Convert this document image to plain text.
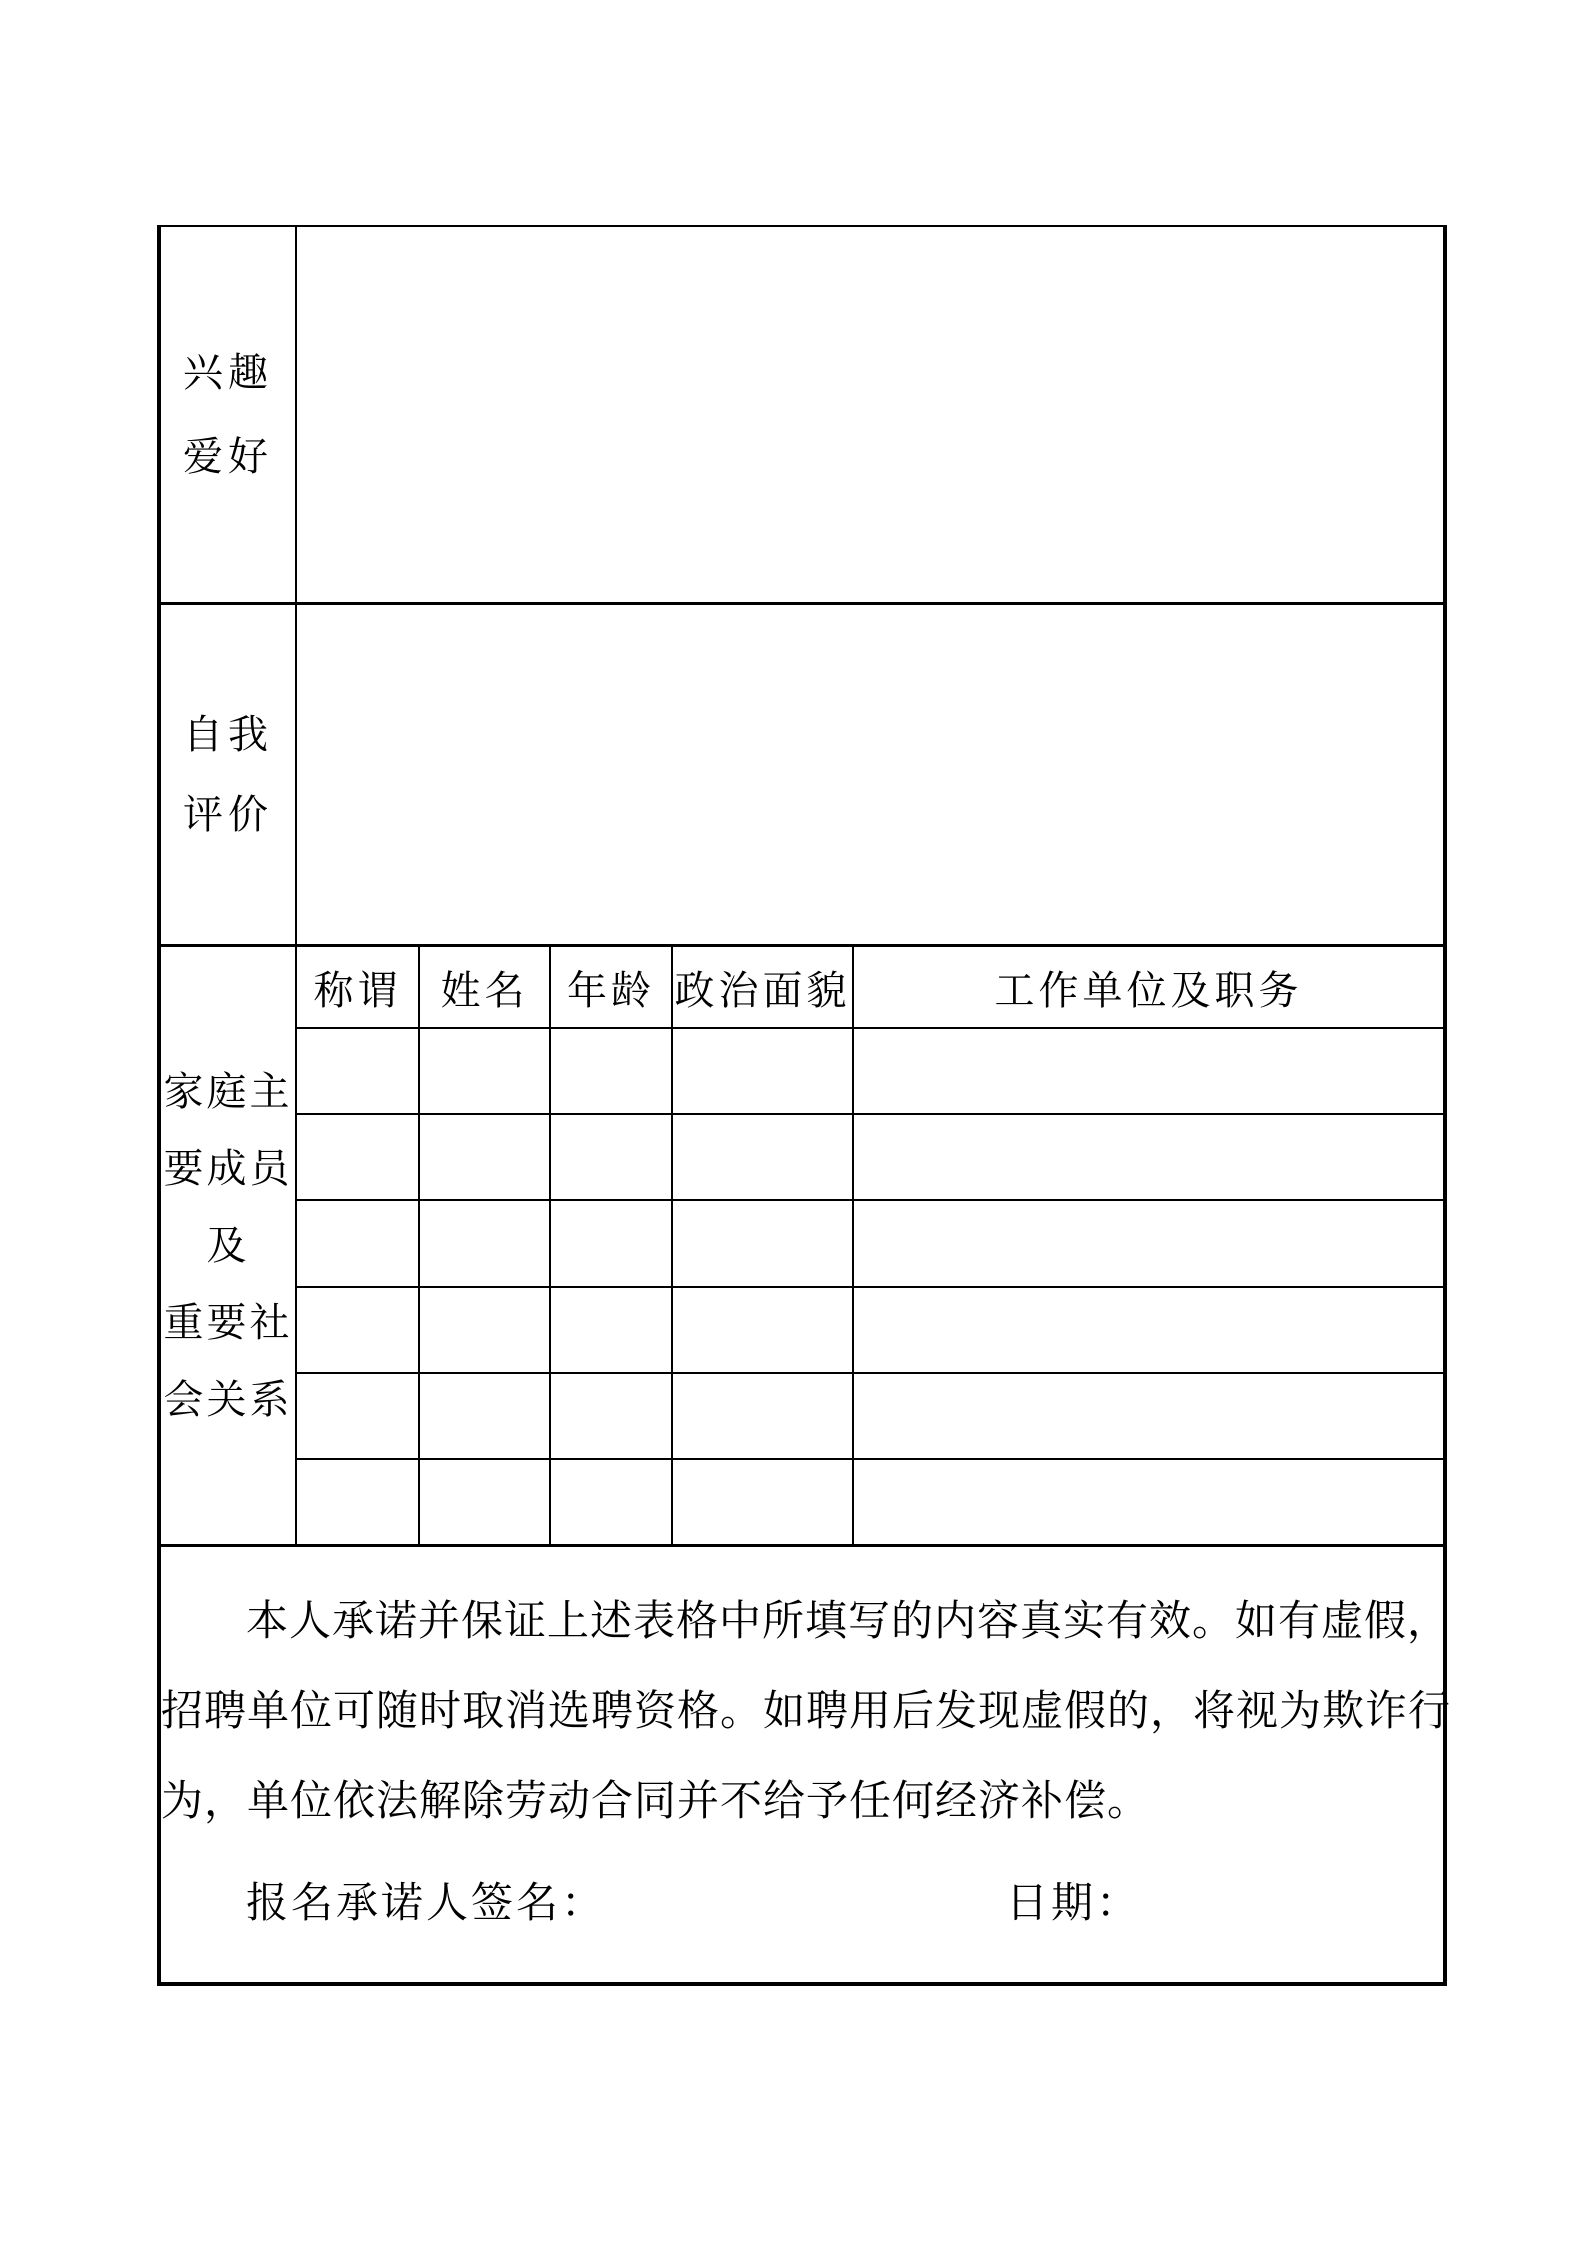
兴趣
爱好
自我
评价
家庭主
要成员
及
重要社
会关系
称谓 姓名 年龄 政治面貌	工作单位及职务

本人承诺并保证上述表格中所填写的内容真实有效。如有虚假，
招聘单位可随时取消选聘资格。如聘用后发现虚假的，将视为欺诈行
为，单位依法解除劳动合同并不给予任何经济补偿。

报名承诺人签名：	日期：
